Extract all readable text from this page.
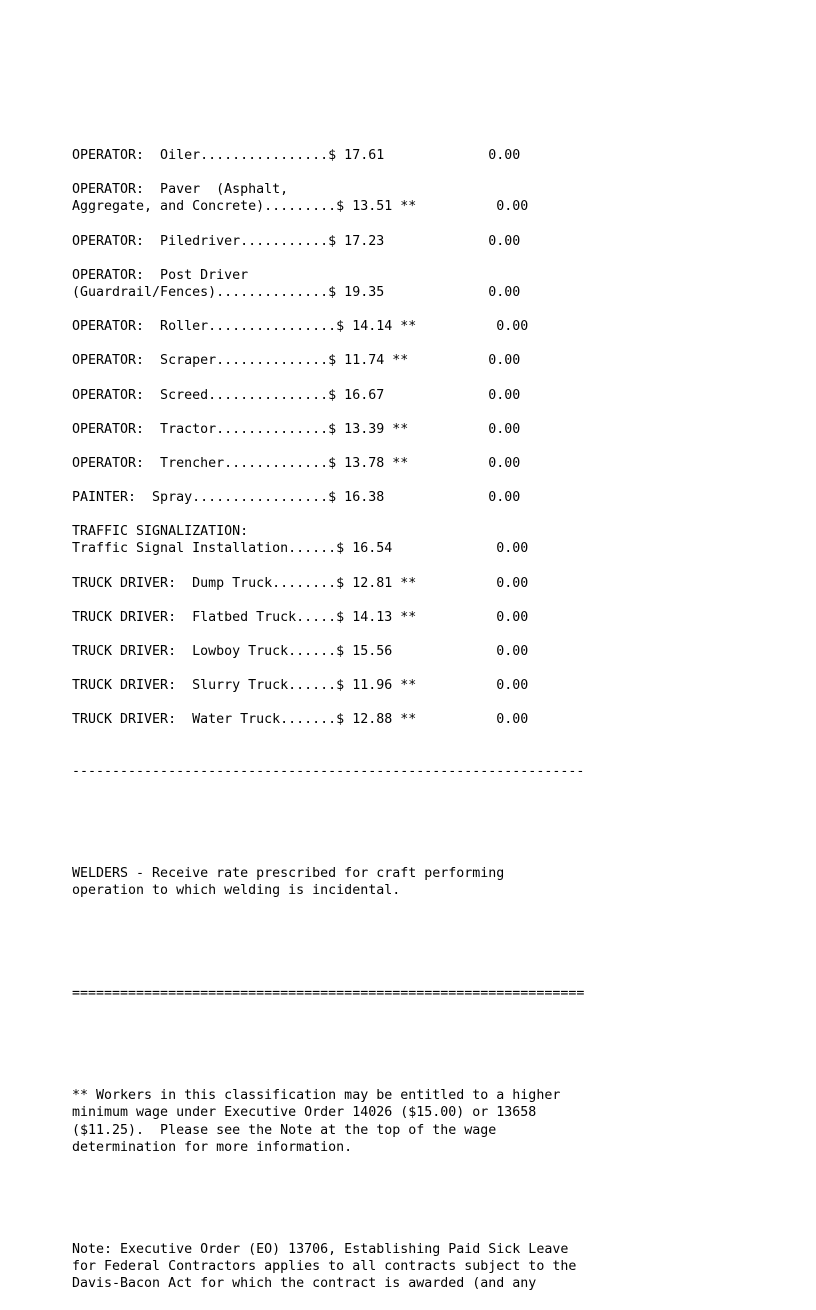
OPERATOR:  Oiler................$ 17.61             0.00
OPERATOR:  Paver  (Asphalt,
Aggregate, and Concrete).........$ 13.51 **          0.00
OPERATOR:  Piledriver...........$ 17.23             0.00
OPERATOR:  Post Driver
(Guardrail/Fences)..............$ 19.35             0.00
OPERATOR:  Roller................$ 14.14 **          0.00
OPERATOR:  Scraper..............$ 11.74 **          0.00
OPERATOR:  Screed...............$ 16.67             0.00
OPERATOR:  Tractor..............$ 13.39 **          0.00
OPERATOR:  Trencher.............$ 13.78 **          0.00
PAINTER:  Spray.................$ 16.38             0.00
TRAFFIC SIGNALIZATION:
Traffic Signal Installation......$ 16.54             0.00
TRUCK DRIVER:  Dump Truck........$ 12.81 **          0.00
TRUCK DRIVER:  Flatbed Truck.....$ 14.13 **          0.00
TRUCK DRIVER:  Lowboy Truck......$ 15.56             0.00
TRUCK DRIVER:  Slurry Truck......$ 11.96 **          0.00
TRUCK DRIVER:  Water Truck.......$ 12.88 **          0.00

----------------------------------------------------------------

WELDERS - Receive rate prescribed for craft performing
operation to which welding is incidental.

================================================================

** Workers in this classification may be entitled to a higher
minimum wage under Executive Order 14026 ($15.00) or 13658
($11.25).  Please see the Note at the top of the wage
determination for more information.

Note: Executive Order (EO) 13706, Establishing Paid Sick Leave
for Federal Contractors applies to all contracts subject to the
Davis-Bacon Act for which the contract is awarded (and any
